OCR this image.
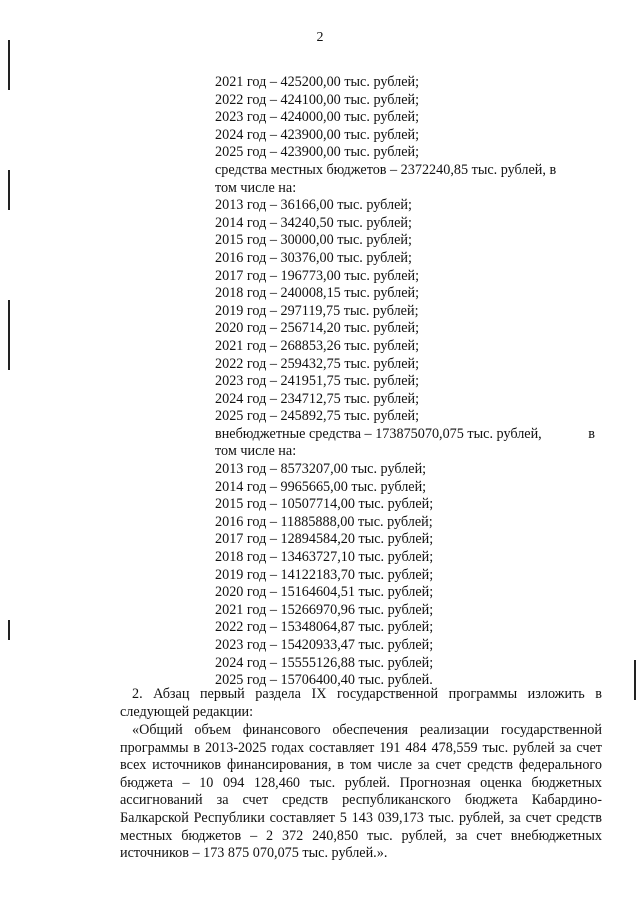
2
2021 год – 425200,00 тыс. рублей;
2022 год – 424100,00 тыс. рублей;
2023 год – 424000,00 тыс. рублей;
2024 год – 423900,00 тыс. рублей;
2025 год – 423900,00 тыс. рублей;
средства местных бюджетов – 2372240,85 тыс. рублей, в
том числе на:
2013 год – 36166,00 тыс. рублей;
2014 год – 34240,50 тыс. рублей;
2015 год – 30000,00 тыс. рублей;
2016 год – 30376,00 тыс. рублей;
2017 год – 196773,00 тыс. рублей;
2018 год – 240008,15 тыс. рублей;
2019 год – 297119,75 тыс. рублей;
2020 год – 256714,20 тыс. рублей;
2021 год – 268853,26 тыс. рублей;
2022 год – 259432,75 тыс. рублей;
2023 год – 241951,75 тыс. рублей;
2024 год – 234712,75 тыс. рублей;
2025 год – 245892,75 тыс. рублей;
внебюджетные средства – 173875070,075 тыс. рублей,	в
том числе на:
2013 год – 8573207,00 тыс. рублей;
2014 год – 9965665,00 тыс. рублей;
2015 год – 10507714,00 тыс. рублей;
2016 год – 11885888,00 тыс. рублей;
2017 год – 12894584,20 тыс. рублей;
2018 год – 13463727,10 тыс. рублей;
2019 год – 14122183,70 тыс. рублей;
2020 год – 15164604,51 тыс. рублей;
2021 год – 15266970,96 тыс. рублей;
2022 год – 15348064,87 тыс. рублей;
2023 год – 15420933,47 тыс. рублей;
2024 год – 15555126,88 тыс. рублей;
2025 год – 15706400,40 тыс. рублей.
2. Абзац первый раздела IX государственной программы изложить в следующей редакции:
«Общий объем финансового обеспечения реализации государственной программы в 2013-2025 годах составляет 191 484 478,559 тыс. рублей за счет всех источников финансирования, в том числе за счет средств федерального бюджета – 10 094 128,460 тыс. рублей. Прогнозная оценка бюджетных ассигнований за счет средств республиканского бюджета Кабардино-Балкарской Республики составляет 5 143 039,173 тыс. рублей, за счет средств местных бюджетов – 2 372 240,850 тыс. рублей, за счет внебюджетных источников – 173 875 070,075 тыс. рублей.».
